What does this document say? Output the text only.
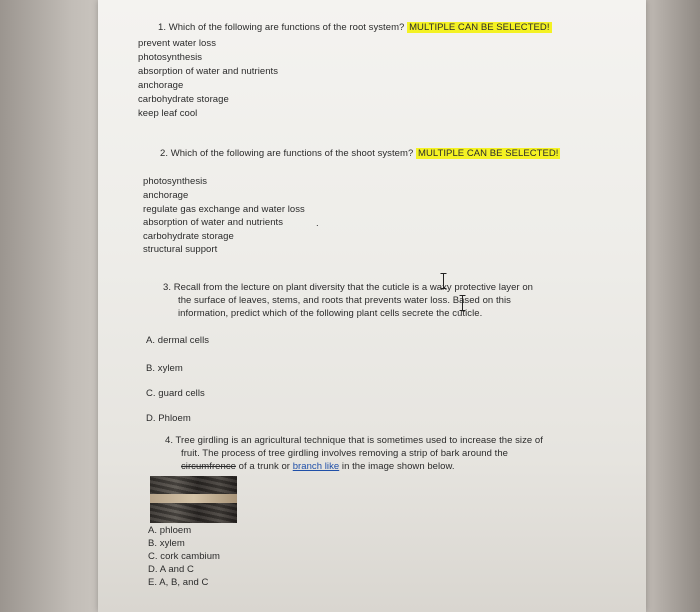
1. Which of the following are functions of the root system? MULTIPLE CAN BE SELECTED!
prevent water loss
photosynthesis
absorption of water and nutrients
anchorage
carbohydrate storage
keep leaf cool
2. Which of the following are functions of the shoot system? MULTIPLE CAN BE SELECTED!
photosynthesis
anchorage
regulate gas exchange and water loss
absorption of water and nutrients	.
carbohydrate storage
structural support
3. Recall from the lecture on plant diversity that the cuticle is a waxy protective layer on
the surface of leaves, stems, and roots that prevents water loss. Based on this
information, predict which of the following plant cells secrete the cuticle.
A. dermal cells
B. xylem
C. guard cells
D. Phloem
4. Tree girdling is an agricultural technique that is sometimes used to increase the size of
fruit. The process of tree girdling involves removing a strip of bark around the
circumfrence of a trunk or branch like in the image shown below.
A. phloem
B. xylem
C. cork cambium
D. A and C
E. A, B, and C
